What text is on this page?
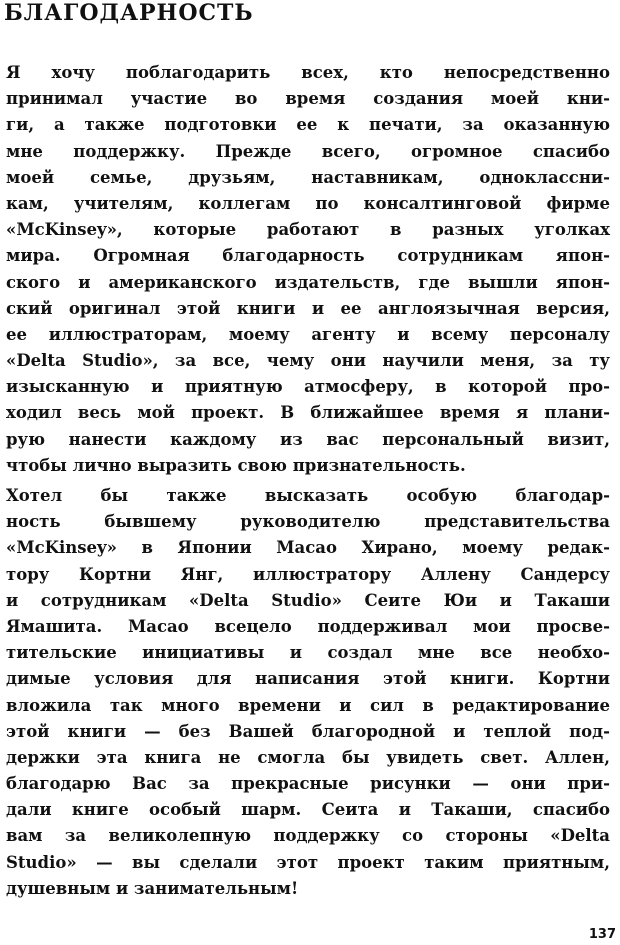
БЛАГОДАРНОСТЬ
Я хочу поблагодарить всех, кто непосредственно
принимал участие во время создания моей кни-
ги, а также подготовки ее к печати, за оказанную
мне поддержку. Прежде всего, огромное спасибо
моей семье, друзьям, наставникам, одноклассни-
кам, учителям, коллегам по консалтинговой фирме
«McKinsey», которые работают в разных уголках
мира. Огромная благодарность сотрудникам япон-
ского и американского издательств, где вышли япон-
ский оригинал этой книги и ее англоязычная версия,
ее иллюстраторам, моему агенту и всему персоналу
«Delta Studio», за все, чему они научили меня, за ту
изысканную и приятную атмосферу, в которой про-
ходил весь мой проект. В ближайшее время я плани-
рую нанести каждому из вас персональный визит,
чтобы лично выразить свою признательность.
Хотел бы также высказать особую благодар-
ность бывшему руководителю представительства
«McKinsey» в Японии Масао Хирано, моему редак-
тору Кортни Янг, иллюстратору Аллену Сандерсу
и сотрудникам «Delta Studio» Сеите Юи и Такаши
Ямашита. Масао всецело поддерживал мои просве-
тительские инициативы и создал мне все необхо-
димые условия для написания этой книги. Кортни
вложила так много времени и сил в редактирование
этой книги — без Вашей благородной и теплой под-
держки эта книга не смогла бы увидеть свет. Аллен,
благодарю Вас за прекрасные рисунки — они при-
дали книге особый шарм. Сеита и Такаши, спасибо
вам за великолепную поддержку со стороны «Delta
Studio» — вы сделали этот проект таким приятным,
душевным и занимательным!
137
